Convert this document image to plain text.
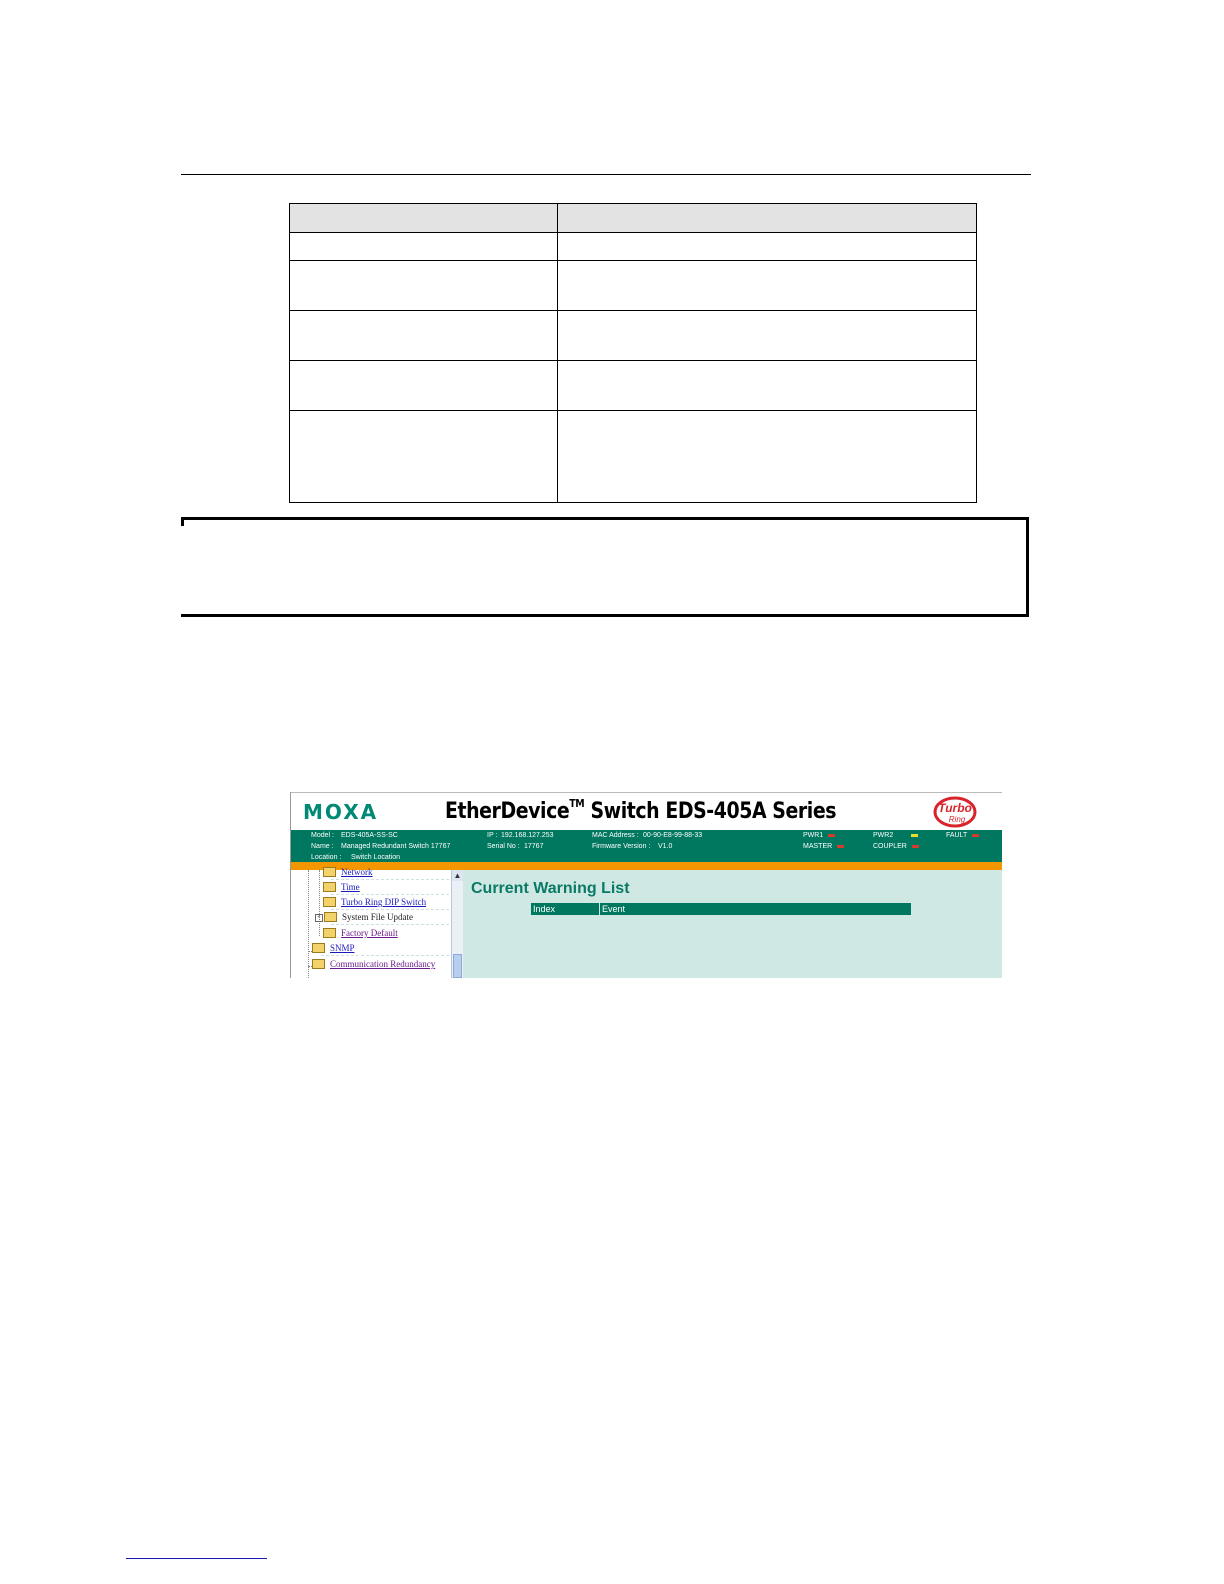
MOXA	EtherDevice™ Switch EDS-405A Series	Turbo
Ring
Model : EDS-405A-SS-SC
Name : Managed Redundant Switch 17767
Location : Switch Location
IP : 192.168.127.253
Serial No : 17767
MAC Address : 00-90-E8-99-88-33
Firmware Version : V1.0
PWR1	PWR2	FAULT
MASTER	COUPLER
Network
Time
Turbo Ring DIP Switch
+ System File Update
Factory Default
SNMP
Communication Redundancy
▲
Current Warning List
Index	Event
